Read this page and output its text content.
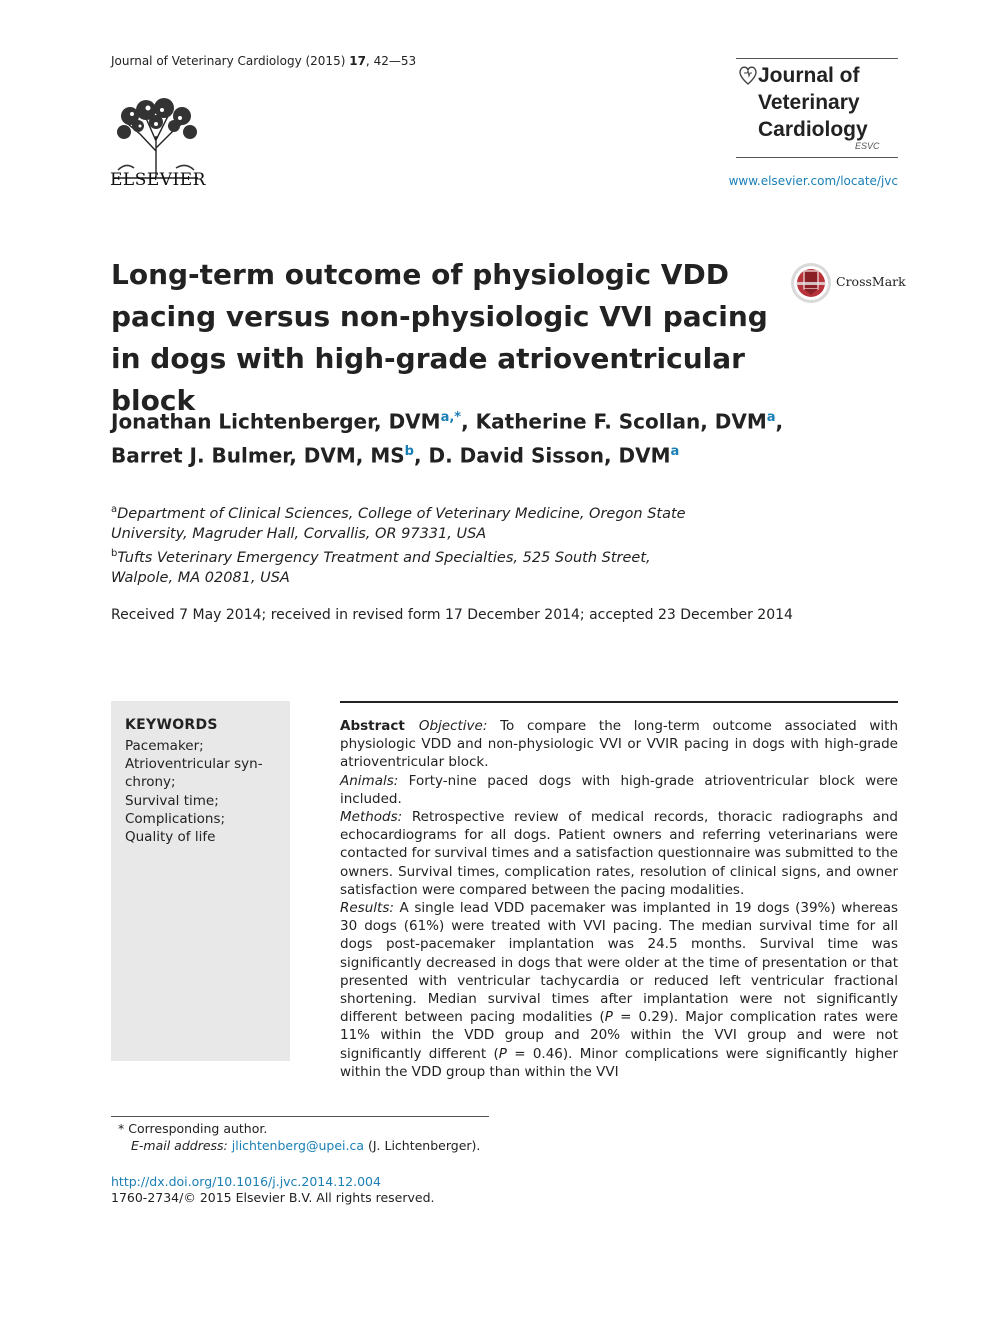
Journal of Veterinary Cardiology (2015) 17, 42—53
ELSEVIER
Journal of
Veterinary
Cardiology
ESVC
www.elsevier.com/locate/jvc
Long-term outcome of physiologic VDD pacing versus non-physiologic VVI pacing in dogs with high-grade atrioventricular block
CrossMark
Jonathan Lichtenberger, $DVM^{a,*}$, Katherine F. Scollan, DVM$^a$,
Barret J. Bulmer, DVM, $MS^b$, D. David Sisson, DVM$^a$
$^a$Department of Clinical Sciences, College of Veterinary Medicine, Oregon State
University, Magruder Hall, Corvallis, OR 97331, USA
$^b$Tufts Veterinary Emergency Treatment and Specialties, 525 South Street,
Walpole, MA 02081, USA
Received 7 May 2014; received in revised form 17 December 2014; accepted 23 December 2014
KEYWORDS
Pacemaker;
Atrioventricular syn-
chrony;
Survival time;
Complications;
Quality of life

Abstract Objective: To compare the long-term outcome associated with physiologic VDD and non-physiologic VVI or VVIR pacing in dogs with high-grade atrioventricular block.

Animals: Forty-nine paced dogs with high-grade atrioventricular block were included.

Methods: Retrospective review of medical records, thoracic radiographs and echocardiograms for all dogs. Patient owners and referring veterinarians were contacted for survival times and a satisfaction questionnaire was submitted to the owners. Survival times, complication rates, resolution of clinical signs, and owner satisfaction were compared between the pacing modalities.

Results: A single lead VDD pacemaker was implanted in 19 dogs (39%) whereas 30 dogs (61%) were treated with VVI pacing. The median survival time for all dogs post-pacemaker implantation was 24.5 months. Survival time was significantly decreased in dogs that were older at the time of presentation or that presented with ventricular tachycardia or reduced left ventricular fractional shortening. Median survival times after implantation were not significantly different between pacing modalities (P = 0.29). Major complication rates were 11% within the VDD group and 20% within the VVI group and were not significantly different (P = 0.46). Minor complications were significantly higher within the VDD group than within the VVI

* Corresponding author.
E-mail address: jlichtenberg@upei.ca (J. Lichtenberger).
http://dx.doi.org/10.1016/j.jvc.2014.12.004
1760-2734/© 2015 Elsevier B.V. All rights reserved.
